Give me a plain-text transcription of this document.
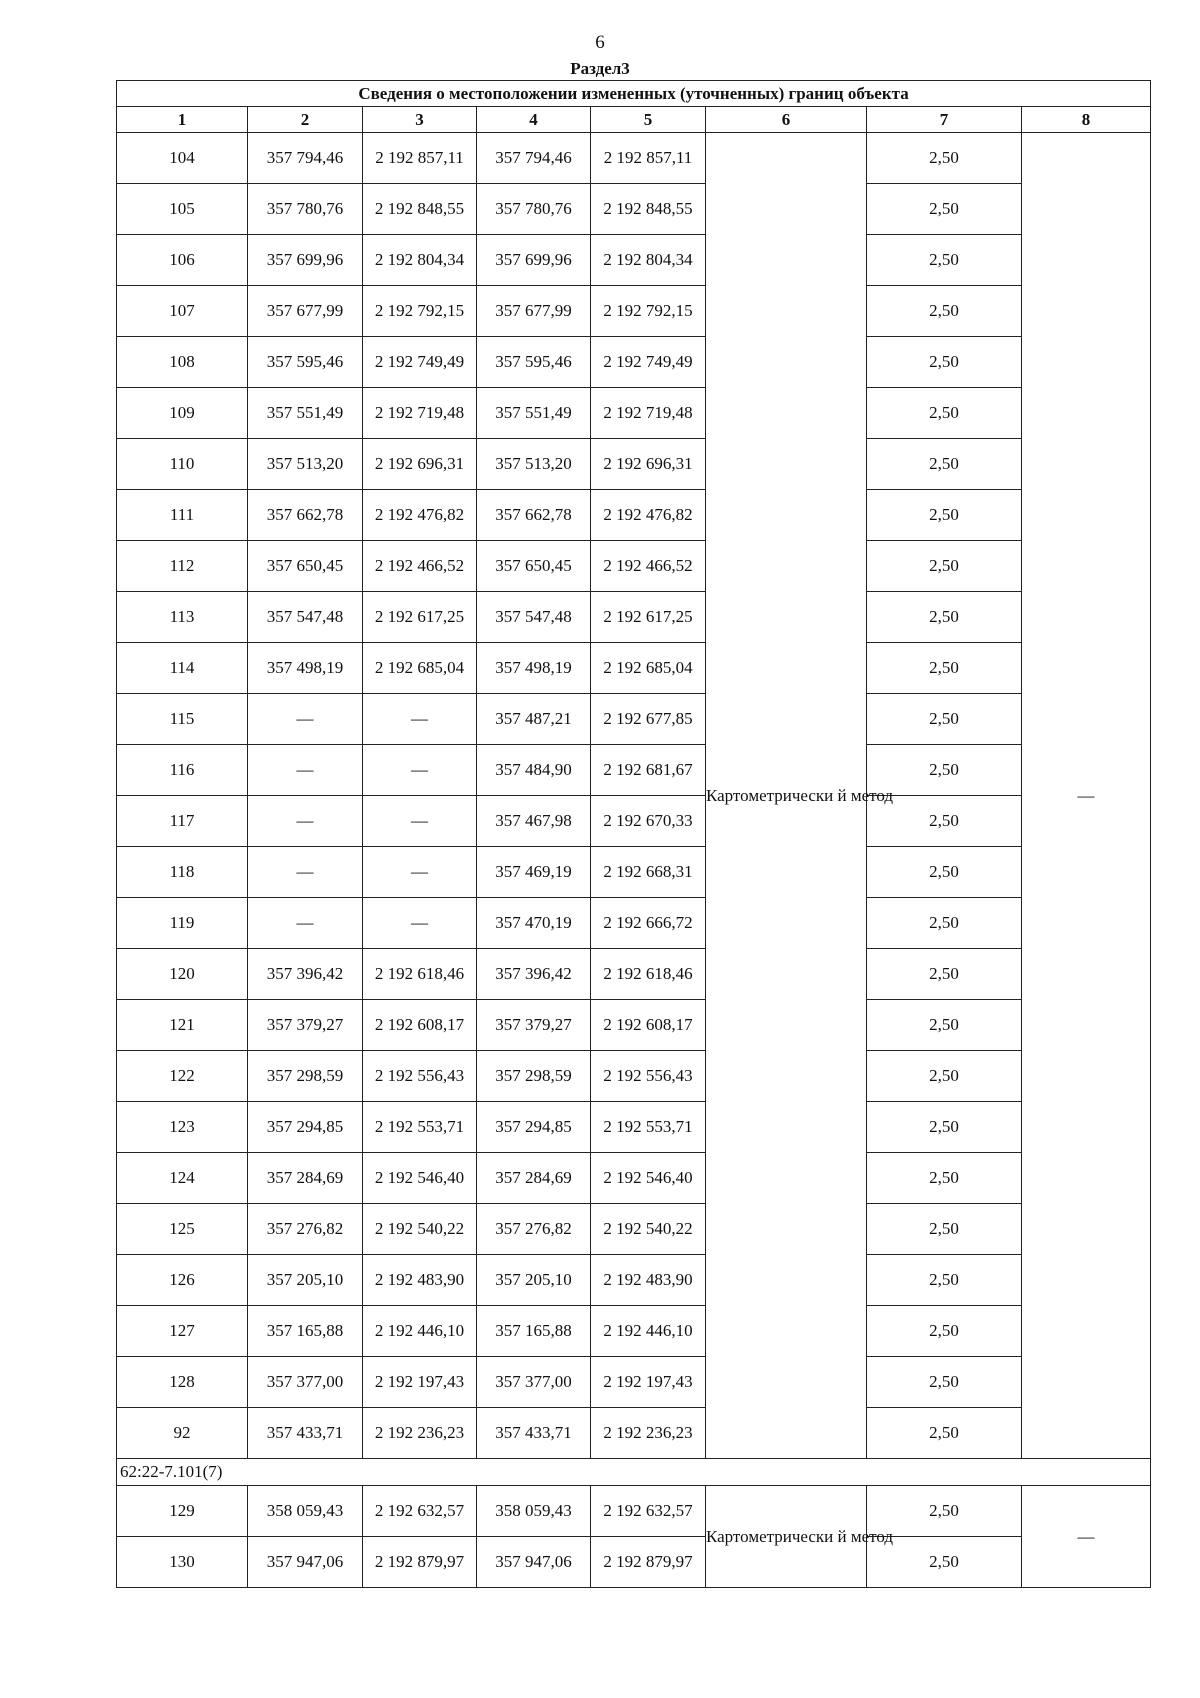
6
Раздел3
Сведения о местоположении измененных (уточненных) границ объекта							
1	2	3	4	5	6	7	8
104	357 794,46	2 192 857,11	357 794,46	2 192 857,11	Картометрически й метод	2,50	—
105	357 780,76	2 192 848,55	357 780,76	2 192 848,55		2,50	
106	357 699,96	2 192 804,34	357 699,96	2 192 804,34		2,50	
107	357 677,99	2 192 792,15	357 677,99	2 192 792,15		2,50	
108	357 595,46	2 192 749,49	357 595,46	2 192 749,49		2,50	
109	357 551,49	2 192 719,48	357 551,49	2 192 719,48		2,50	
110	357 513,20	2 192 696,31	357 513,20	2 192 696,31		2,50	
111	357 662,78	2 192 476,82	357 662,78	2 192 476,82		2,50	
112	357 650,45	2 192 466,52	357 650,45	2 192 466,52		2,50	
113	357 547,48	2 192 617,25	357 547,48	2 192 617,25		2,50	
114	357 498,19	2 192 685,04	357 498,19	2 192 685,04		2,50	
115	—	—	357 487,21	2 192 677,85		2,50	
116	—	—	357 484,90	2 192 681,67		2,50	
117	—	—	357 467,98	2 192 670,33		2,50	
118	—	—	357 469,19	2 192 668,31		2,50	
119	—	—	357 470,19	2 192 666,72		2,50	
120	357 396,42	2 192 618,46	357 396,42	2 192 618,46		2,50	
121	357 379,27	2 192 608,17	357 379,27	2 192 608,17		2,50	
122	357 298,59	2 192 556,43	357 298,59	2 192 556,43		2,50	
123	357 294,85	2 192 553,71	357 294,85	2 192 553,71		2,50	
124	357 284,69	2 192 546,40	357 284,69	2 192 546,40		2,50	
125	357 276,82	2 192 540,22	357 276,82	2 192 540,22		2,50	
126	357 205,10	2 192 483,90	357 205,10	2 192 483,90		2,50	
127	357 165,88	2 192 446,10	357 165,88	2 192 446,10		2,50	
128	357 377,00	2 192 197,43	357 377,00	2 192 197,43		2,50	
92	357 433,71	2 192 236,23	357 433,71	2 192 236,23		2,50	
62:22-7.101(7)							
129	358 059,43	2 192 632,57	358 059,43	2 192 632,57	Картометрически й метод	2,50	—
130	357 947,06	2 192 879,97	357 947,06	2 192 879,97		2,50	
